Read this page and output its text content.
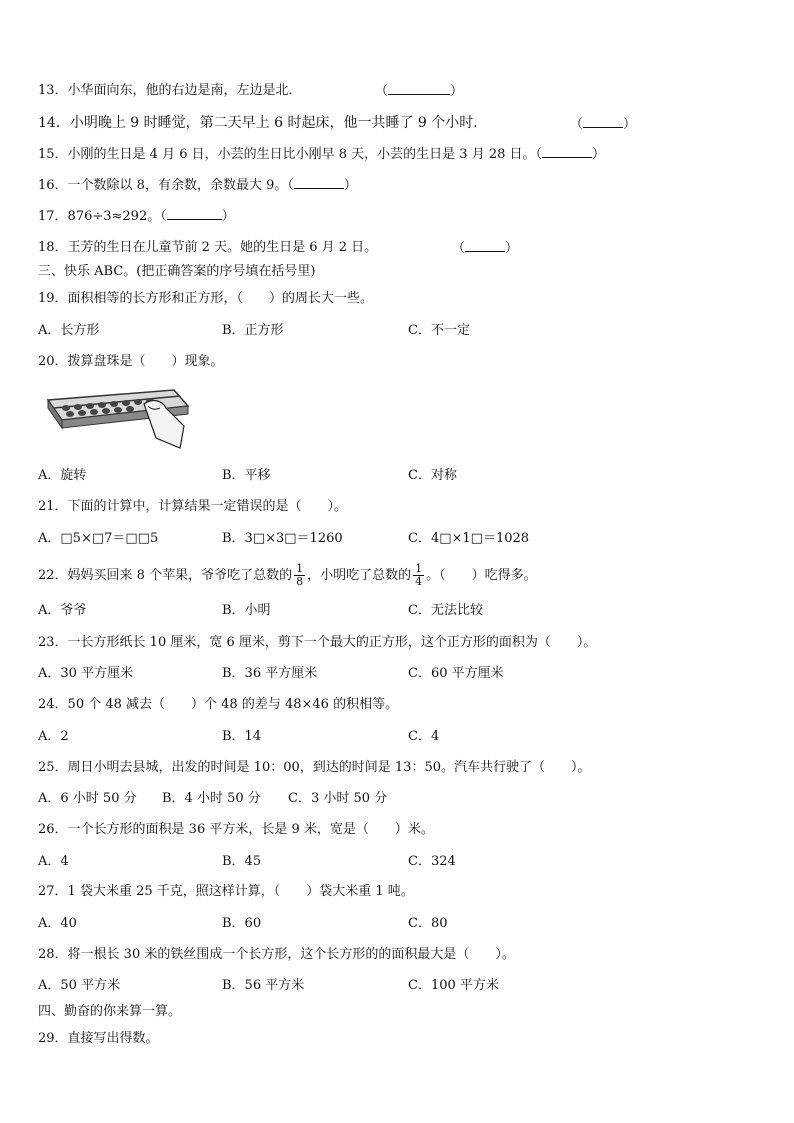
13．小华面向东，他的右边是南，左边是北．	（	）
14．小明晚上 9 时睡觉，第二天早上 6 时起床，他一共睡了 9 个小时．	（	）
15．小刚的生日是 4 月 6 日，小芸的生日比小刚早 8 天，小芸的生日是 3 月 28 日。（	）
16．一个数除以 8，有余数，余数最大 9。（	）
17．876÷3≈292。（	）
18．王芳的生日在儿童节前 2 天。她的生日是 6 月 2 日。	（	）
三、快乐 ABC。(把正确答案的序号填在括号里)
19．面积相等的长方形和正方形，（　　）的周长大一些。
A．长方形	B．正方形	C．不一定
20．拨算盘珠是（　　）现象。
A．旋转	B．平移	C．对称
21．下面的计算中，计算结果一定错误的是（　　）。
A．□5×□7＝□□5	B．3□×3□＝1260	C．4□×1□＝1028
22．妈妈买回来 8 个苹果，爷爷吃了总数的 $\frac{1}{8}$ ，小明吃了总数的 $\frac{1}{4}$ 。（　　）吃得多。
A．爷爷	B．小明	C．无法比较
23．一长方形纸长 10 厘米，宽 6 厘米，剪下一个最大的正方形，这个正方形的面积为（　　）。
A．30 平方厘米	B．36 平方厘米	C．60 平方厘米
24．50 个 48 减去（　　）个 48 的差与 48×46 的积相等。
A．2	B．14	C．4
25．周日小明去县城，出发的时间是 10：00，到达的时间是 13：50。汽车共行驶了（　　）。
A．6 小时 50 分 B．4 小时 50 分 C．3 小时 50 分
26．一个长方形的面积是 36 平方米，长是 9 米，宽是（　　）米。
A．4	B．45	C．324
27．1 袋大米重 25 千克，照这样计算，（　　）袋大米重 1 吨。
A．40	B．60	C．80
28．将一根长 30 米的铁丝围成一个长方形，这个长方形的的面积最大是（　　）。
A．50 平方米	B．56 平方米	C．100 平方米
四、勤奋的你来算一算。
29．直接写出得数。
